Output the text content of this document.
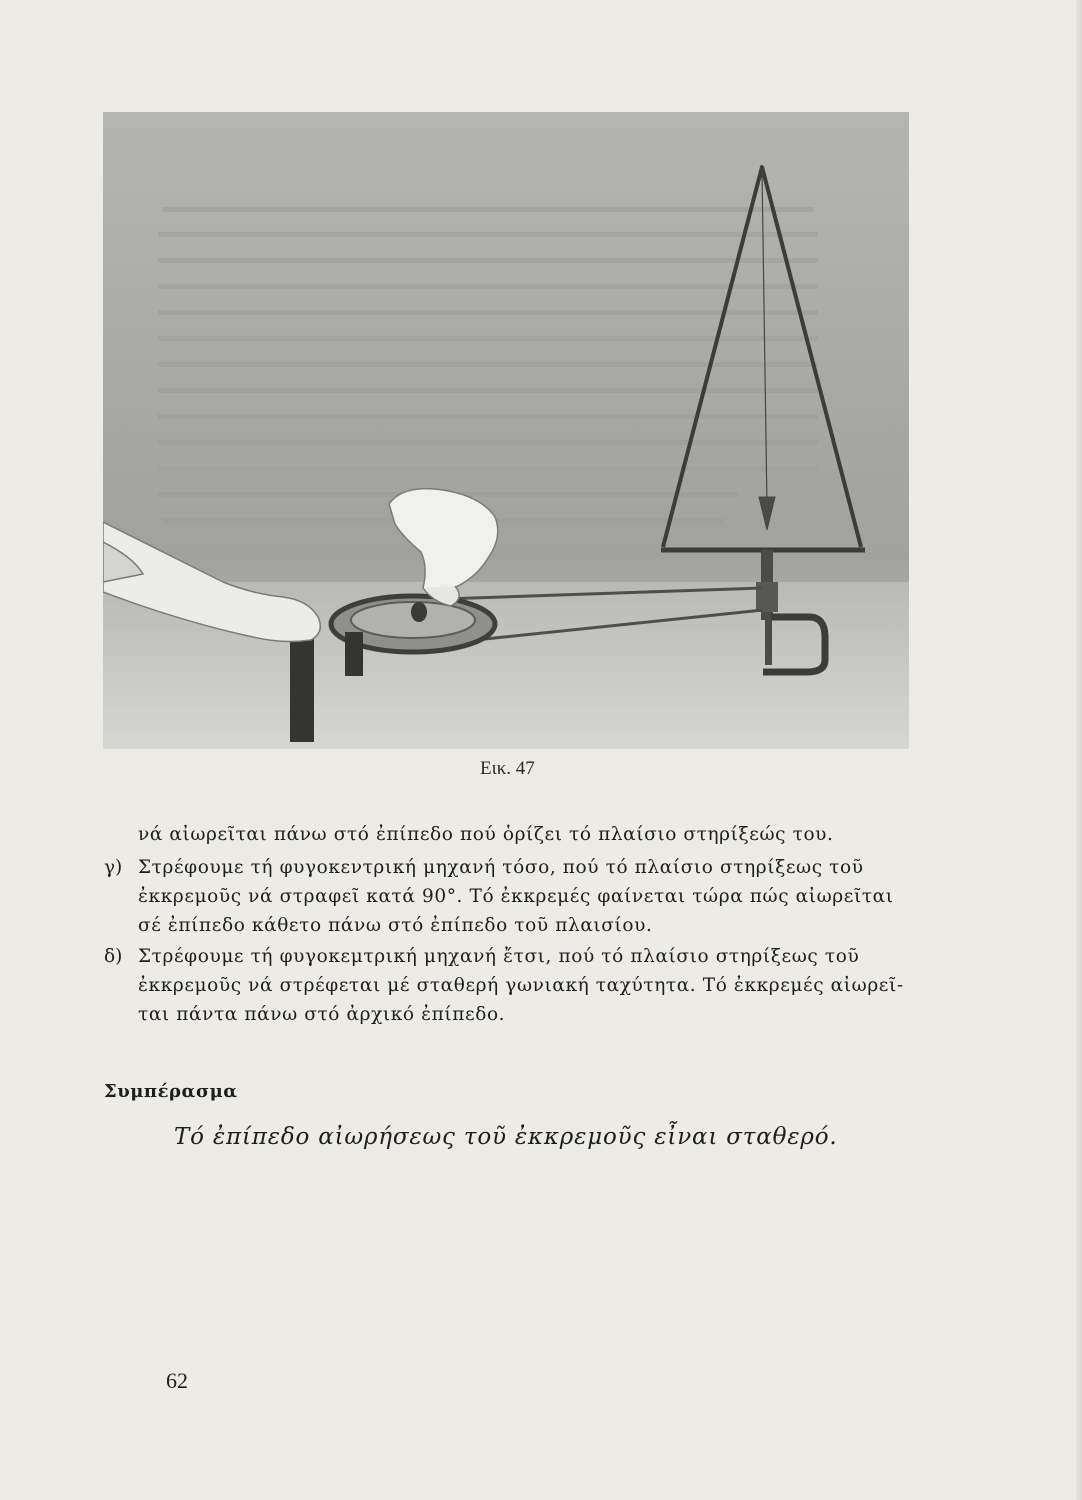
Εικ. 47
νά αἰωρεῖται πάνω στό ἐπίπεδο πού ὁρίζει τό πλαίσιο στηρίξεώς του.
γ) Στρέφουμε τή φυγοκεντρική μηχανή τόσο, πού τό πλαίσιο στηρίξεως τοῦ
ἐκκρεμοῦς νά στραφεῖ κατά 90°. Τό ἐκκρεμές φαίνεται τώρα πώς αἰωρεῖται
σέ ἐπίπεδο κάθετο πάνω στό ἐπίπεδο τοῦ πλαισίου.
δ) Στρέφουμε τή φυγοκεμτρική μηχανή ἔτσι, πού τό πλαίσιο στηρίξεως τοῦ
ἐκκρεμοῦς νά στρέφεται μέ σταθερή γωνιακή ταχύτητα. Τό ἐκκρεμές αἰωρεῖ-
ται πάντα πάνω στό ἀρχικό ἐπίπεδο.
Συμπέρασμα
Τό ἐπίπεδο αἰωρήσεως τοῦ ἐκκρεμοῦς εἶναι σταθερό.
62
